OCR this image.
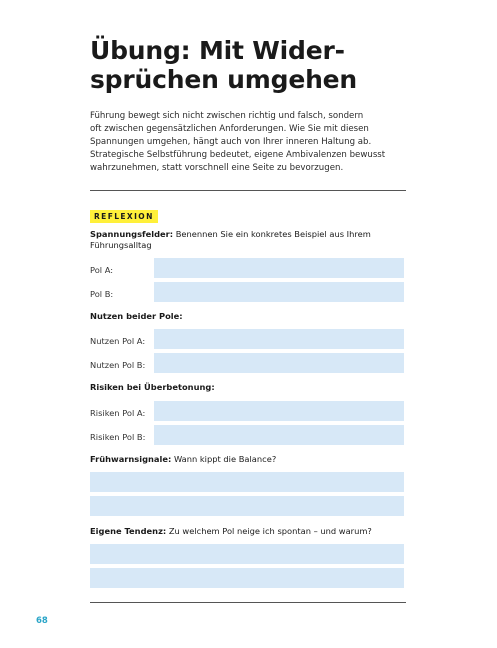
Übung: Mit Wider-
sprüchen umgehen

Führung bewegt sich nicht zwischen richtig und falsch, sondern
oft zwischen gegensätzlichen Anforderungen. Wie Sie mit diesen
Spannungen umgehen, hängt auch von Ihrer inneren Haltung ab.
Strategische Selbstführung bedeutet, eigene Ambivalenzen bewusst
wahrzunehmen, statt vorschnell eine Seite zu bevorzugen.

REFLEXION

Spannungsfelder: Benennen Sie ein konkretes Beispiel aus Ihrem
Führungsalltag

Pol A:
Pol B:

Nutzen beider Pole:

Nutzen Pol A:
Nutzen Pol B:

Risiken bei Überbetonung:

Risiken Pol A:
Risiken Pol B:

Frühwarnsignale: Wann kippt die Balance?

Eigene Tendenz: Zu welchem Pol neige ich spontan – und warum?

68
